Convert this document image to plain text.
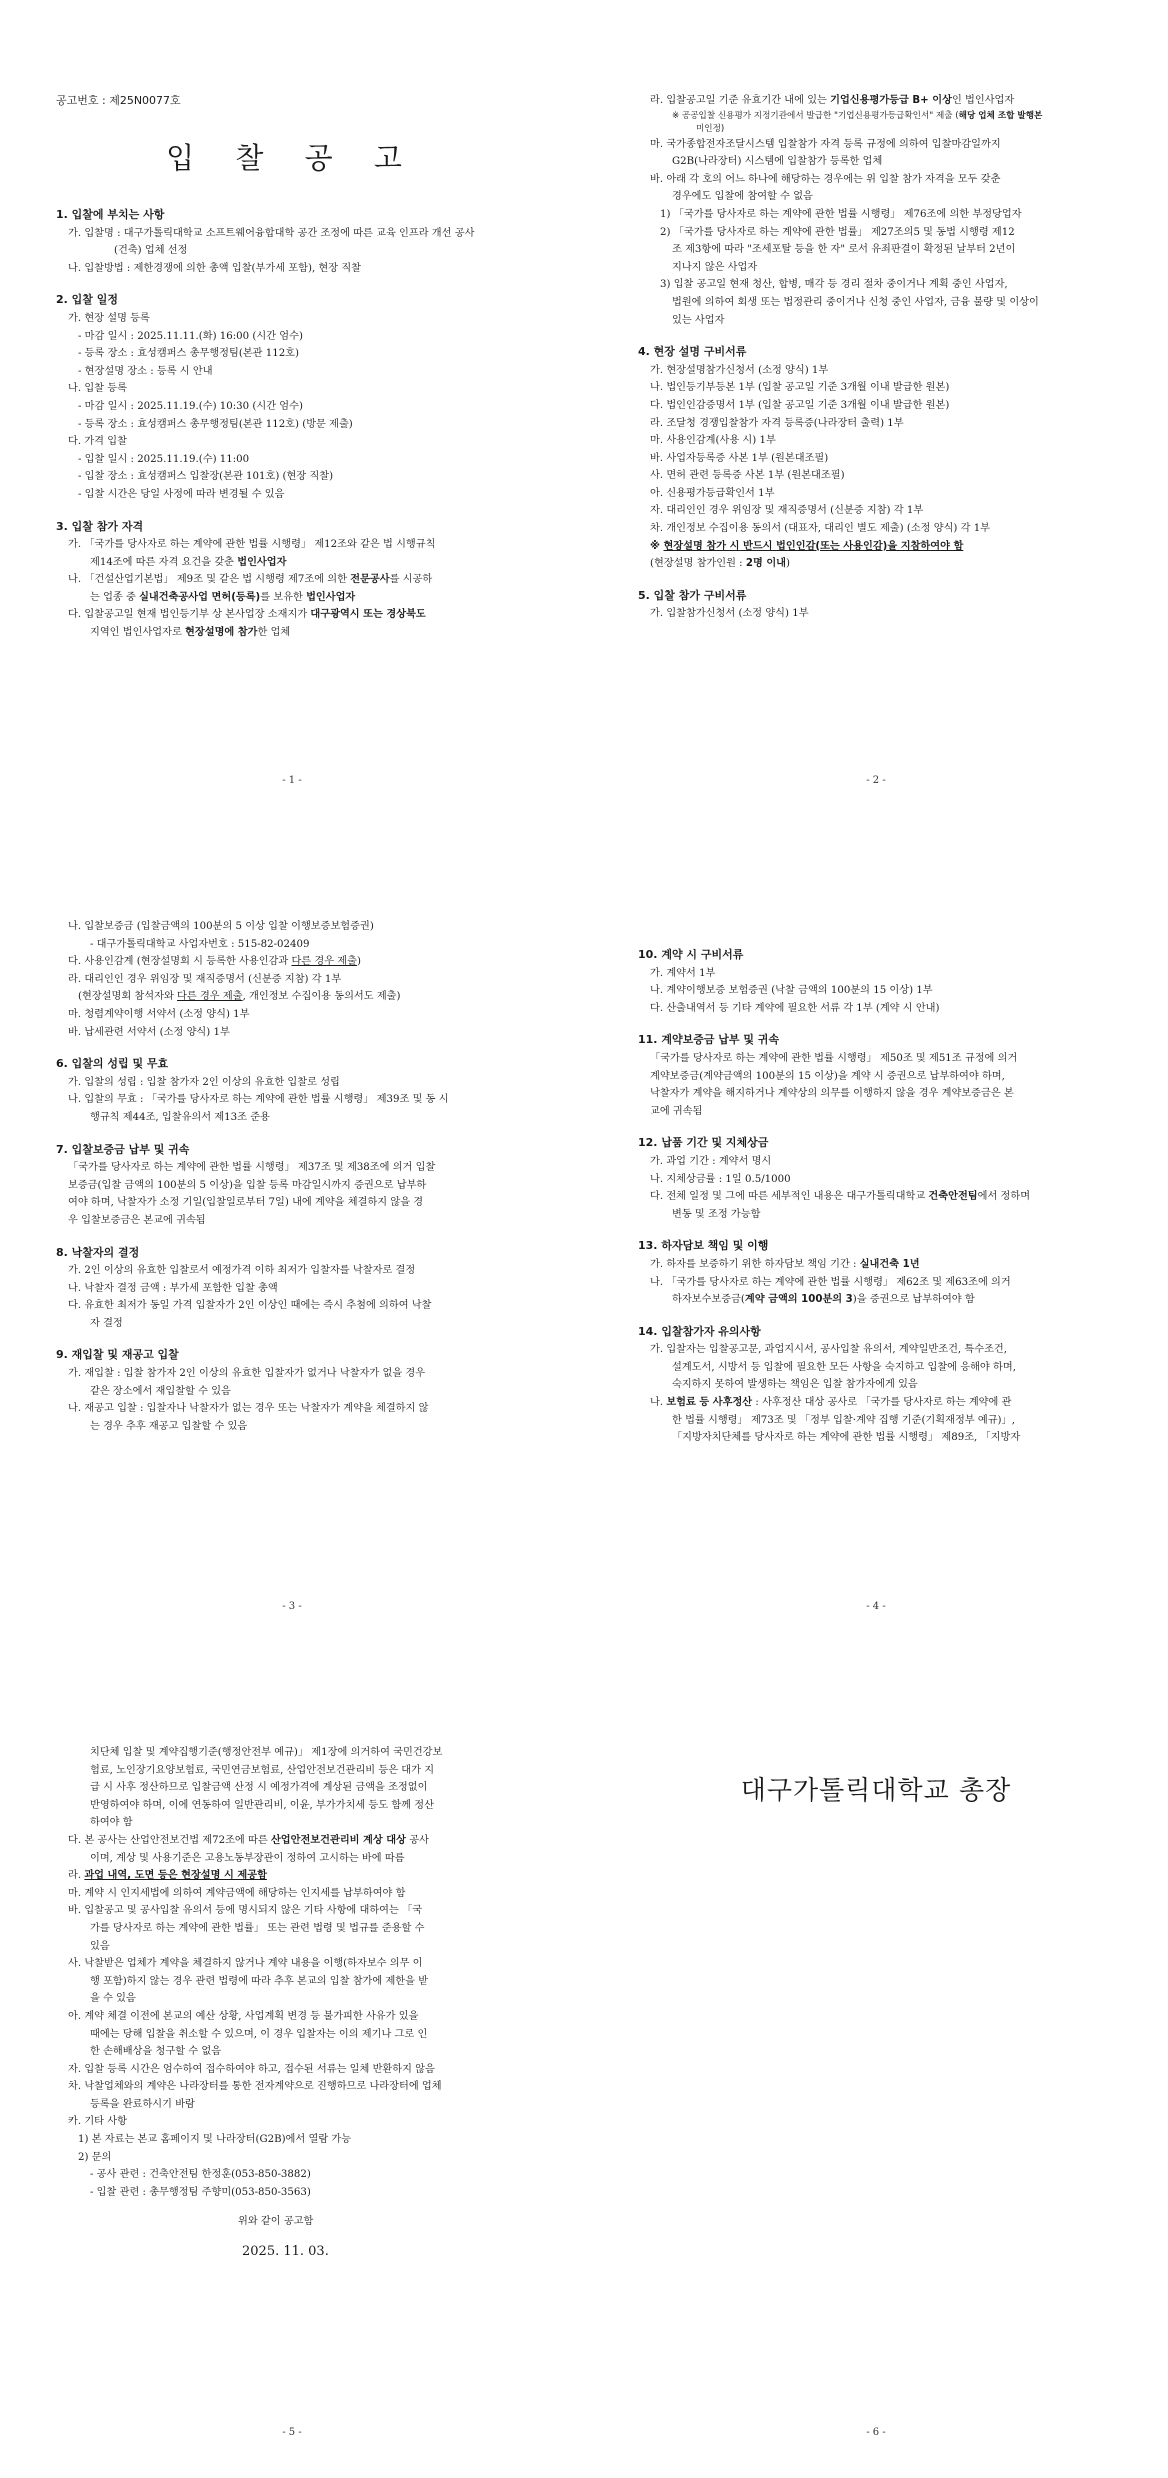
공고번호 : 제25N0077호
입 찰 공 고
1. 입찰에 부치는 사항
가. 입찰명 : 대구가톨릭대학교 소프트웨어융합대학 공간 조정에 따른 교육 인프라 개선 공사
(건축) 업체 선정
나. 입찰방법 : 제한경쟁에 의한 총액 입찰(부가세 포함), 현장 직찰
2. 입찰 일정
가. 현장 설명 등록
- 마감 일시 : 2025.11.11.(화) 16:00 (시간 엄수)
- 등록 장소 : 효성캠퍼스 총무행정팀(본관 112호)
- 현장설명 장소 : 등록 시 안내
나. 입찰 등록
- 마감 일시 : 2025.11.19.(수) 10:30 (시간 엄수)
- 등록 장소 : 효성캠퍼스 총무행정팀(본관 112호) (방문 제출)
다. 가격 입찰
- 입찰 일시 : 2025.11.19.(수) 11:00
- 입찰 장소 : 효성캠퍼스 입찰장(본관 101호) (현장 직찰)
- 입찰 시간은 당일 사정에 따라 변경될 수 있음
3. 입찰 참가 자격
가. 「국가를 당사자로 하는 계약에 관한 법률 시행령」 제12조와 같은 법 시행규칙
제14조에 따른 자격 요건을 갖춘 법인사업자
나. 「건설산업기본법」 제9조 및 같은 법 시행령 제7조에 의한 전문공사를 시공하
는 업종 중 실내건축공사업 면허(등록)를 보유한 법인사업자
다. 입찰공고일 현재 법인등기부 상 본사업장 소재지가 대구광역시 또는 경상북도
지역인 법인사업자로 현장설명에 참가한 업체
- 1 -
라. 입찰공고일 기준 유효기간 내에 있는 기업신용평가등급 B+ 이상인 법인사업자
※ 공공입찰 신용평가 지정기관에서 발급한 "기업신용평가등급확인서" 제출 (해당 업체 조합 발행본
미인정)
마. 국가종합전자조달시스템 입찰참가 자격 등록 규정에 의하여 입찰마감일까지
G2B(나라장터) 시스템에 입찰참가 등록한 업체
바. 아래 각 호의 어느 하나에 해당하는 경우에는 위 입찰 참가 자격을 모두 갖춘
경우에도 입찰에 참여할 수 없음
1) 「국가를 당사자로 하는 계약에 관한 법률 시행령」 제76조에 의한 부정당업자
2) 「국가를 당사자로 하는 계약에 관한 법률」 제27조의5 및 동법 시행령 제12
조 제3항에 따라 "조세포탈 등을 한 자" 로서 유죄판결이 확정된 날부터 2년이
지나지 않은 사업자
3) 입찰 공고일 현재 청산, 합병, 매각 등 경리 절차 중이거나 계획 중인 사업자,
법원에 의하여 회생 또는 법정관리 중이거나 신청 중인 사업자, 금융 불량 및 이상이
있는 사업자
4. 현장 설명 구비서류
가. 현장설명참가신청서 (소정 양식) 1부
나. 법인등기부등본 1부 (입찰 공고일 기준 3개월 이내 발급한 원본)
다. 법인인감증명서 1부 (입찰 공고일 기준 3개월 이내 발급한 원본)
라. 조달청 경쟁입찰참가 자격 등록증(나라장터 출력) 1부
마. 사용인감계(사용 시) 1부
바. 사업자등록증 사본 1부 (원본대조필)
사. 면허 관련 등록증 사본 1부 (원본대조필)
아. 신용평가등급확인서 1부
자. 대리인인 경우 위임장 및 재직증명서 (신분증 지참) 각 1부
차. 개인정보 수집이용 동의서 (대표자, 대리인 별도 제출) (소정 양식) 각 1부
※ 현장설명 참가 시 반드시 법인인감(또는 사용인감)을 지참하여야 함
(현장설명 참가인원 : 2명 이내)
5. 입찰 참가 구비서류
가. 입찰참가신청서 (소정 양식) 1부
- 2 -
나. 입찰보증금 (입찰금액의 100분의 5 이상 입찰 이행보증보험증권)
- 대구가톨릭대학교 사업자번호 : 515-82-02409
다. 사용인감계 (현장설명회 시 등록한 사용인감과 다른 경우 제출)
라. 대리인인 경우 위임장 및 재직증명서 (신분증 지참) 각 1부
(현장설명회 참석자와 다른 경우 제출, 개인정보 수집이용 동의서도 제출)
마. 청렴계약이행 서약서 (소정 양식) 1부
바. 납세관련 서약서 (소정 양식) 1부
6. 입찰의 성립 및 무효
가. 입찰의 성립 : 입찰 참가자 2인 이상의 유효한 입찰로 성립
나. 입찰의 무효 : 「국가를 당사자로 하는 계약에 관한 법률 시행령」 제39조 및 동 시
행규칙 제44조, 입찰유의서 제13조 준용
7. 입찰보증금 납부 및 귀속
「국가를 당사자로 하는 계약에 관한 법률 시행령」 제37조 및 제38조에 의거 입찰
보증금(입찰 금액의 100분의 5 이상)을 입찰 등록 마감일시까지 증권으로 납부하
여야 하며, 낙찰자가 소정 기일(입찰일로부터 7일) 내에 계약을 체결하지 않을 경
우 입찰보증금은 본교에 귀속됨
8. 낙찰자의 결정
가. 2인 이상의 유효한 입찰로서 예정가격 이하 최저가 입찰자를 낙찰자로 결정
나. 낙찰자 결정 금액 : 부가세 포함한 입찰 총액
다. 유효한 최저가 동일 가격 입찰자가 2인 이상인 때에는 즉시 추첨에 의하여 낙찰
자 결정
9. 재입찰 및 재공고 입찰
가. 재입찰 : 입찰 참가자 2인 이상의 유효한 입찰자가 없거나 낙찰자가 없을 경우
같은 장소에서 재입찰할 수 있음
나. 재공고 입찰 : 입찰자나 낙찰자가 없는 경우 또는 낙찰자가 계약을 체결하지 않
는 경우 추후 재공고 입찰할 수 있음
- 3 -
10. 계약 시 구비서류
가. 계약서 1부
나. 계약이행보증 보험증권 (낙찰 금액의 100분의 15 이상) 1부
다. 산출내역서 등 기타 계약에 필요한 서류 각 1부 (계약 시 안내)
11. 계약보증금 납부 및 귀속
「국가를 당사자로 하는 계약에 관한 법률 시행령」 제50조 및 제51조 규정에 의거
계약보증금(계약금액의 100분의 15 이상)을 계약 시 증권으로 납부하여야 하며,
낙찰자가 계약을 해지하거나 계약상의 의무를 이행하지 않을 경우 계약보증금은 본
교에 귀속됨
12. 납품 기간 및 지체상금
가. 과업 기간 : 계약서 명시
나. 지체상금률 : 1일 0.5/1000
다. 전체 일정 및 그에 따른 세부적인 내용은 대구가톨릭대학교 건축안전팀에서 정하며
변동 및 조정 가능함
13. 하자담보 책임 및 이행
가. 하자를 보증하기 위한 하자담보 책임 기간 : 실내건축 1년
나. 「국가를 당사자로 하는 계약에 관한 법률 시행령」 제62조 및 제63조에 의거
하자보수보증금(계약 금액의 100분의 3)을 증권으로 납부하여야 함
14. 입찰참가자 유의사항
가. 입찰자는 입찰공고문, 과업지시서, 공사입찰 유의서, 계약일반조건, 특수조건,
설계도서, 시방서 등 입찰에 필요한 모든 사항을 숙지하고 입찰에 응해야 하며,
숙지하지 못하여 발생하는 책임은 입찰 참가자에게 있음
나. 보험료 등 사후정산 : 사후정산 대상 공사로 「국가를 당사자로 하는 계약에 관
한 법률 시행령」 제73조 및 「정부 입찰·계약 집행 기준(기획재정부 예규)」,
「지방자치단체를 당사자로 하는 계약에 관한 법률 시행령」 제89조, 「지방자
- 4 -
치단체 입찰 및 계약집행기준(행정안전부 예규)」 제1장에 의거하여 국민건강보
험료, 노인장기요양보험료, 국민연금보험료, 산업안전보건관리비 등은 대가 지
급 시 사후 정산하므로 입찰금액 산정 시 예정가격에 계상된 금액을 조정없이
반영하여야 하며, 이에 연동하여 일반관리비, 이윤, 부가가치세 등도 함께 정산
하여야 함
다. 본 공사는 산업안전보건법 제72조에 따른 산업안전보건관리비 계상 대상 공사
이며, 계상 및 사용기준은 고용노동부장관이 정하여 고시하는 바에 따름
라. 과업 내역, 도면 등은 현장설명 시 제공함
마. 계약 시 인지세법에 의하여 계약금액에 해당하는 인지세를 납부하여야 함
바. 입찰공고 및 공사입찰 유의서 등에 명시되지 않은 기타 사항에 대하여는 「국
가를 당사자로 하는 계약에 관한 법률」 또는 관련 법령 및 법규를 준용할 수
있음
사. 낙찰받은 업체가 계약을 체결하지 않거나 계약 내용을 이행(하자보수 의무 이
행 포함)하지 않는 경우 관련 법령에 따라 추후 본교의 입찰 참가에 제한을 받
을 수 있음
아. 계약 체결 이전에 본교의 예산 상황, 사업계획 변경 등 불가피한 사유가 있을
때에는 당해 입찰을 취소할 수 있으며, 이 경우 입찰자는 이의 제기나 그로 인
한 손해배상을 청구할 수 없음
자. 입찰 등록 시간은 엄수하여 접수하여야 하고, 접수된 서류는 일체 반환하지 않음
차. 낙찰업체와의 계약은 나라장터를 통한 전자계약으로 진행하므로 나라장터에 업체
등록을 완료하시기 바람
카. 기타 사항
1) 본 자료는 본교 홈페이지 및 나라장터(G2B)에서 열람 가능
2) 문의
- 공사 관련 : 건축안전팀 한정훈(053-850-3882)
- 입찰 관련 : 총무행정팀 주향미(053-850-3563)
위와 같이 공고함
2025. 11. 03.
- 5 -
대구가톨릭대학교 총장
- 6 -
